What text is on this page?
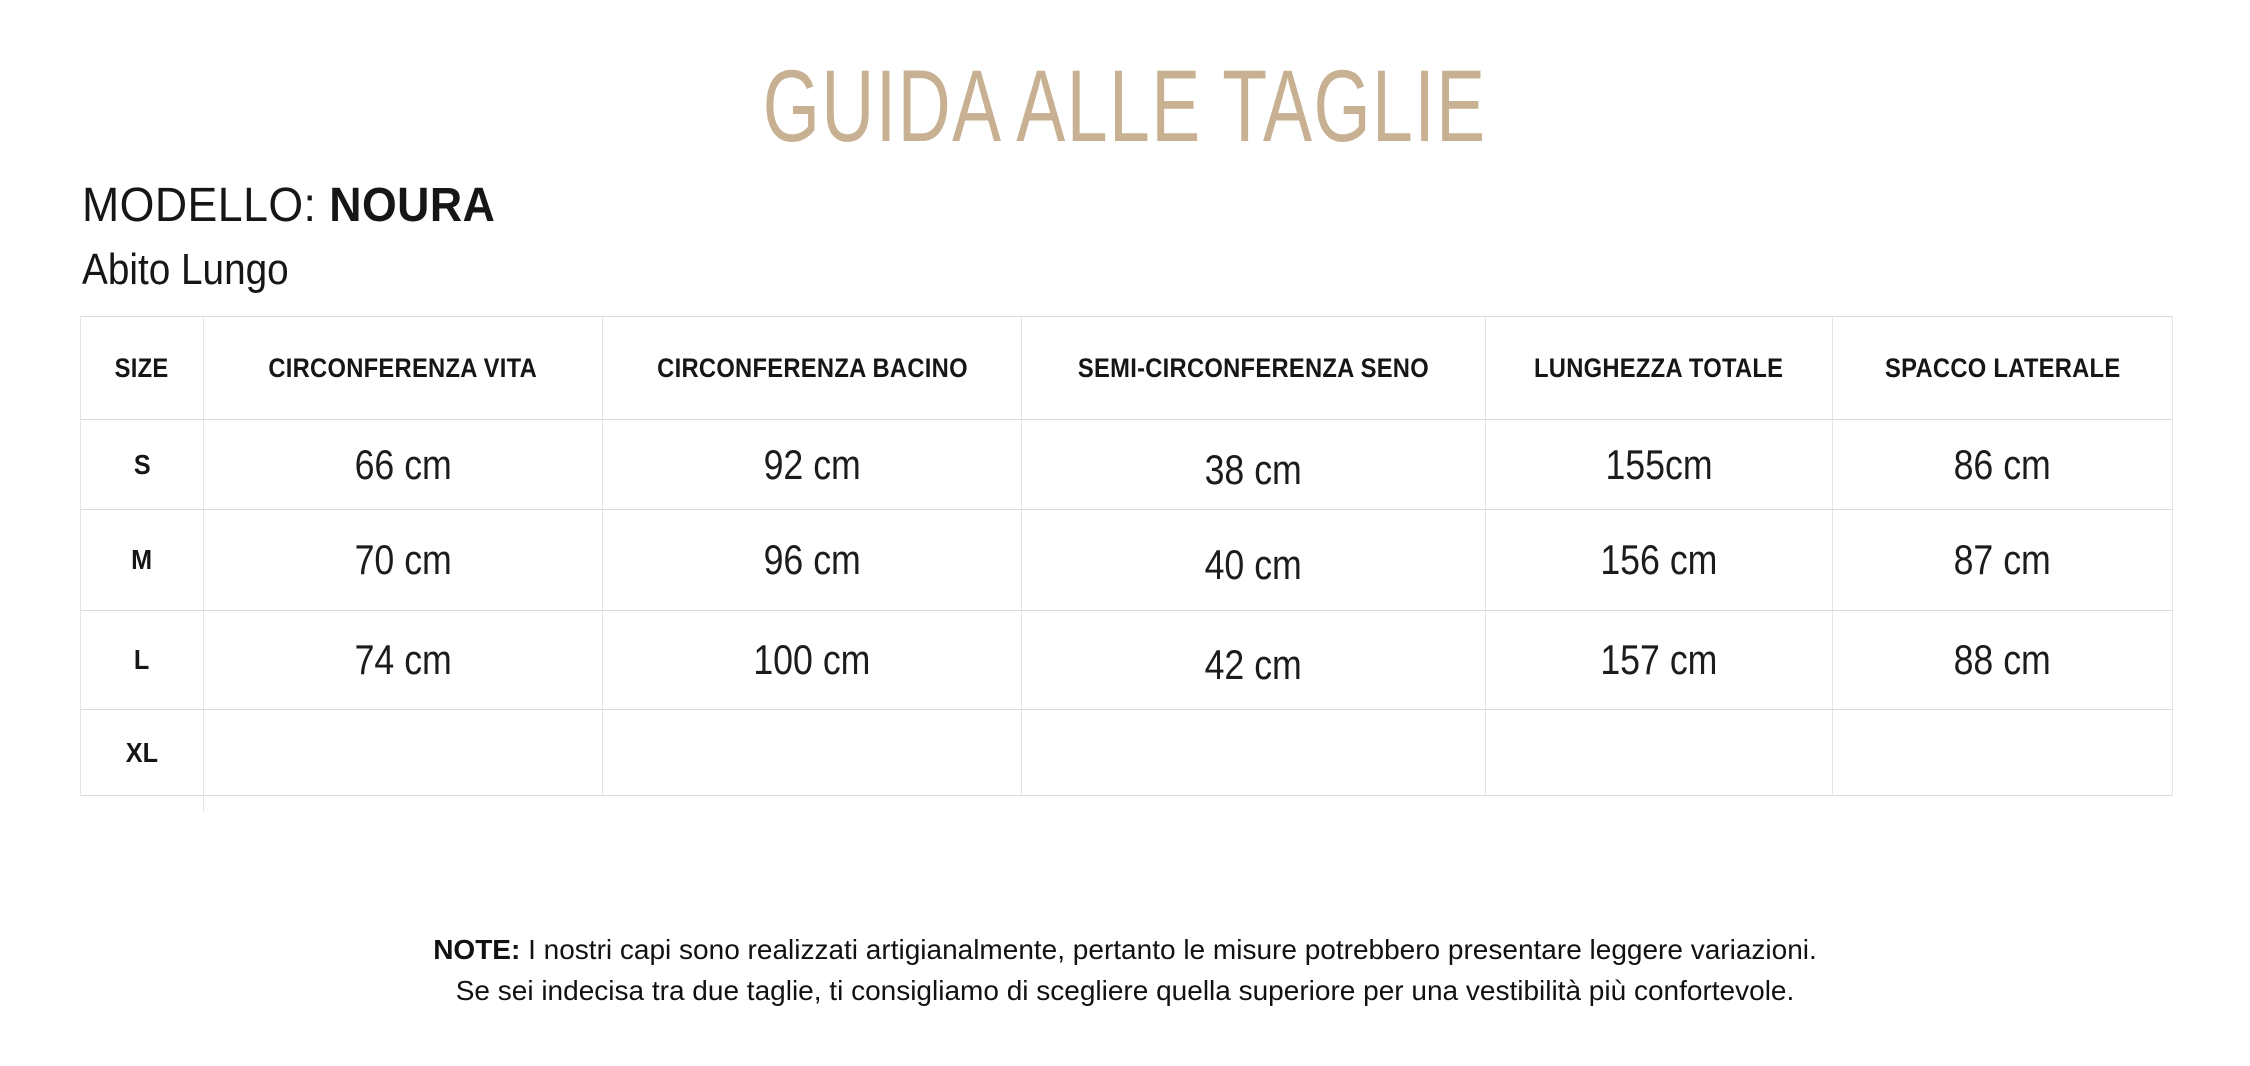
GUIDA ALLE TAGLIE
MODELLO: NOURA
Abito Lungo
SIZE	CIRCONFERENZA VITA	CIRCONFERENZA BACINO	SEMI-CIRCONFERENZA SENO	LUNGHEZZA TOTALE	SPACCO LATERALE
S	66 cm	92 cm	38 cm	155cm	86 cm
M	70 cm	96 cm	40 cm	156 cm	87 cm
L	74 cm	100 cm	42 cm	157 cm	88 cm
XL
NOTE: I nostri capi sono realizzati artigianalmente, pertanto le misure potrebbero presentare leggere variazioni.
Se sei indecisa tra due taglie, ti consigliamo di scegliere quella superiore per una vestibilità più confortevole.
